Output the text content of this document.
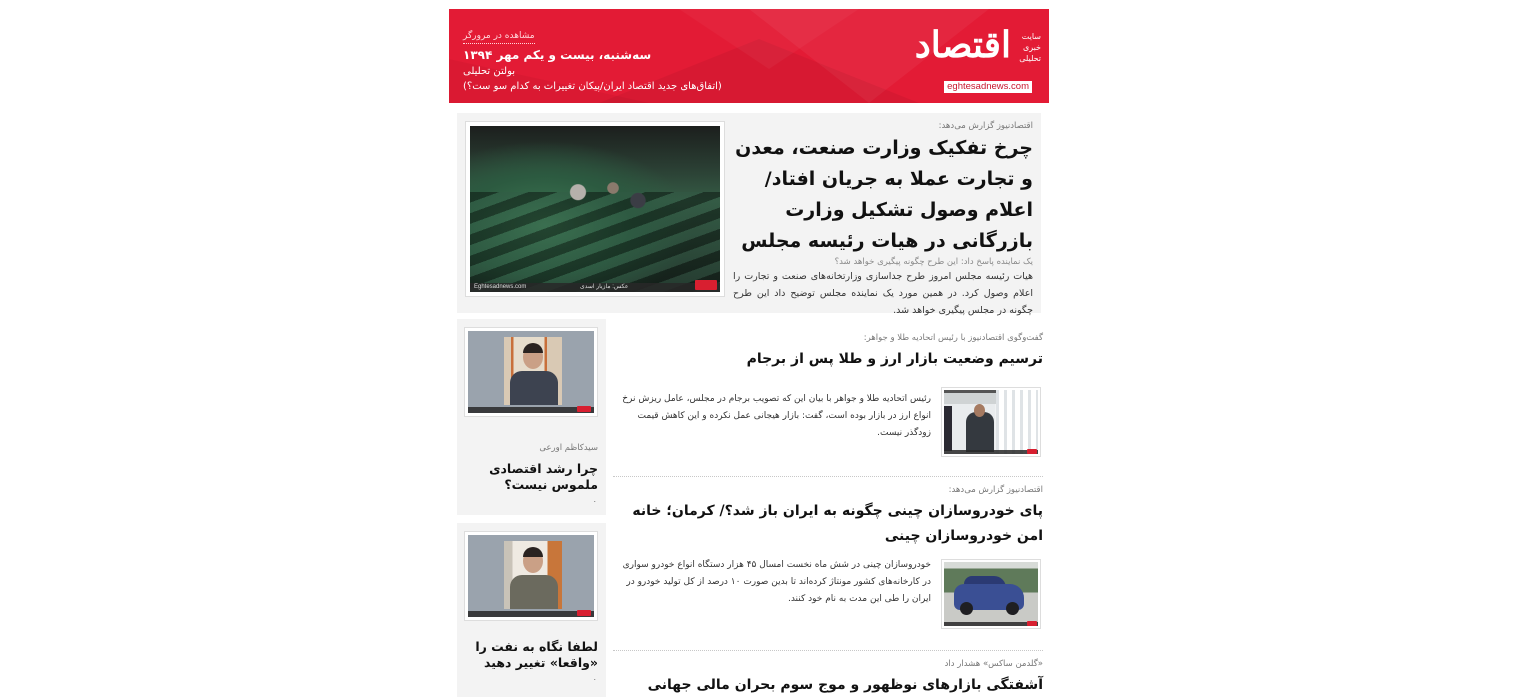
مشاهده در مرورگر
سه‌شنبه، بیست و یکم مهر ۱۳۹۴
بولتن تحلیلی
(اتفاق‌های جدید اقتصاد ایران/پیکان تغییرات به کدام سو ست؟)
اقتصاد	سایت
خبری
تحلیلی
eghtesadnews.com
Eghtesadnews.com	عکس: مازیار اسدی
اقتصادنیوز گزارش می‌دهد:
چرخ تفکیک وزارت صنعت، معدن و تجارت عملا به جریان افتاد/اعلام وصول تشکیل وزارت بازرگانی در هیات رئیسه مجلس
یک نماینده پاسخ داد: این طرح چگونه پیگیری خواهد شد؟

هیات رئیسه مجلس امروز طرح جداسازی وزارتخانه‌های صنعت و تجارت را اعلام وصول کرد. در همین مورد یک نماینده مجلس توضیح داد این طرح چگونه در مجلس پیگیری خواهد شد.

سیدکاظم اورعی
چرا رشد اقتصادی ملموس نیست؟
.
لطفا نگاه به نفت را «واقعا» تغییر دهید
.
گفت‌وگوی اقتصادنیوز با رئیس اتحادیه طلا و جواهر:
ترسیم وضعیت بازار ارز و طلا پس از برجام

رئیس اتحادیه طلا و جواهر با بیان این که تصویب برجام در مجلس، عامل ریزش نرخ انواع ارز در بازار بوده است، گفت: بازار هیجانی عمل نکرده و این کاهش قیمت زودگذر نیست.

اقتصادنیوز گزارش می‌دهد:
پای خودروسازان چینی چگونه به ایران باز شد؟/ کرمان؛ خانه امن خودروسازان چینی

خودروسازان چینی در شش ماه نخست امسال ۴۵ هزار دستگاه انواع خودرو سواری در کارخانه‌های کشور مونتاژ کرده‌اند تا بدین صورت ۱۰ درصد از کل تولید خودرو در ایران را طی این مدت به نام خود کنند.

«گلدمن ساکس» هشدار داد
آشفتگی بازارهای نوظهور و موج سوم بحران مالی جهانی
